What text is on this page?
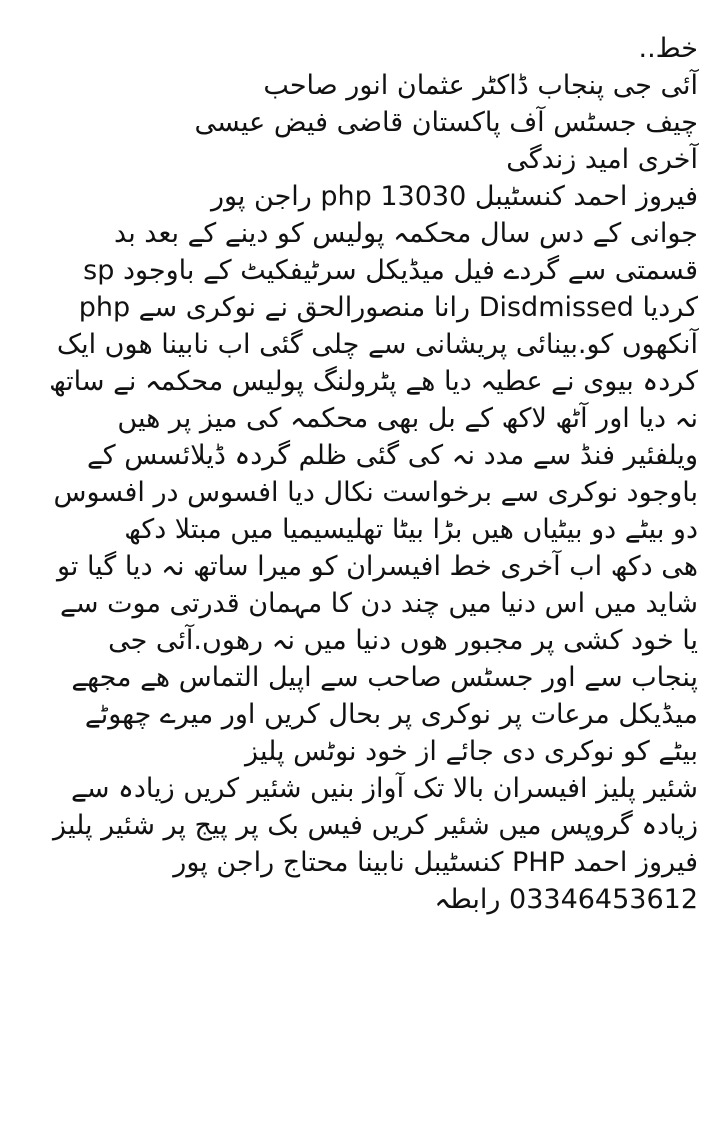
خط..
آئی جی پنجاب ڈاکٹر عثمان انور صاحب
چیف جسٹس آف پاکستان قاضی فیض عیسی
آخری امید زندگی
فیروز احمد کنسٹیبل php 13030 راجن پور
جوانی کے دس سال محکمہ پولیس کو دینے کے بعد بد
قسمتی سے گردے فیل میڈیکل سرٹیفکیٹ کے باوجود sp
php رانا منصورالحق نے نوکری سے Disdmissed کردیا
آنکھوں کو.بینائی پریشانی سے چلی گئی اب نابینا ھوں ایک
کردہ بیوی نے عطیہ دیا ھے پٹرولنگ پولیس محکمہ نے ساتھ
نہ دیا اور آٹھ لاکھ کے بل بھی محکمہ کی میز پر ھیں
ویلفئیر فنڈ سے مدد نہ کی گئی ظلم گردہ ڈیلائسس کے
باوجود نوکری سے برخواست نکال دیا افسوس در افسوس
دو بیٹے دو بیٹیاں ھیں بڑا بیٹا تھلیسیمیا میں مبتلا دکھ
ھی دکھ اب آخری خط افیسران کو میرا ساتھ نہ دیا گیا تو
شاید میں اس دنیا میں چند دن کا مہمان قدرتی موت سے
یا خود کشی پر مجبور ھوں دنیا میں نہ رھوں.آئی جی
پنجاب سے اور جسٹس صاحب سے اپیل التماس ھے مجھے
میڈیکل مرعات پر نوکری پر بحال کریں اور میرے چھوٹے
بیٹے کو نوکری دی جائے از خود نوٹس پلیز
شئیر پلیز افیسران بالا تک آواز بنیں شئیر کریں زیادہ سے
زیادہ گروپس میں شئیر کریں فیس بک پر پیج پر شئیر پلیز
فیروز احمد PHP کنسٹیبل نابینا محتاج راجن پور
03346453612 رابطہ
